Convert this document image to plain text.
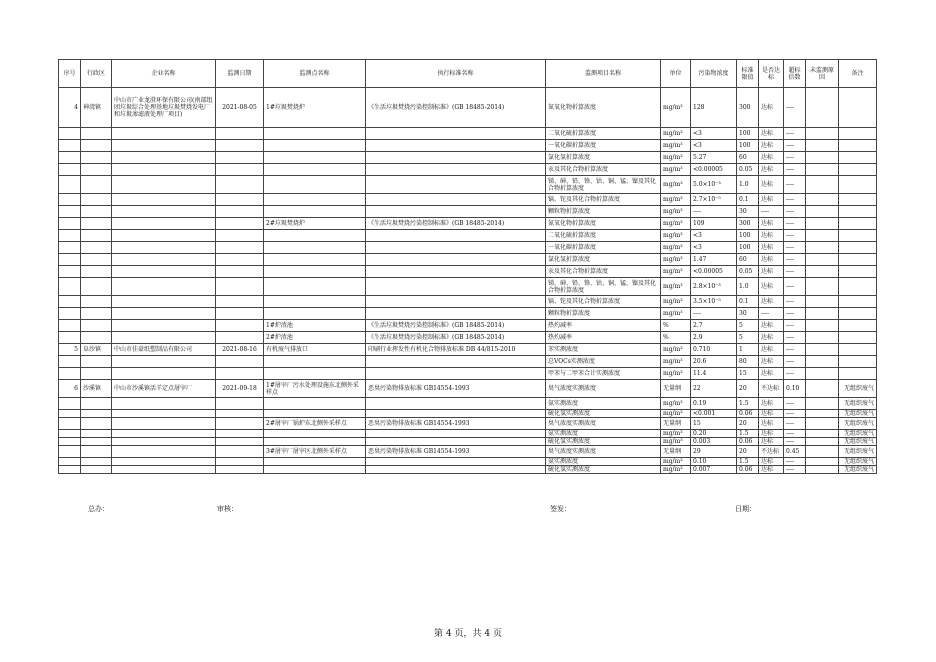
序号	行政区	企业名称	监测日期	监测点名称	执行标准名称	监测项目名称	单位	污染物浓度	标准限值	是否达标	超标倍数	未监测原因	备注
4	神湾镇	中山市广业龙澄环保有限公司(南部组团垃圾综合处理基地垃圾焚烧发电厂和垃圾渗滤液处理厂项目)	2021-08-05	1#垃圾焚烧炉	《生活垃圾焚烧污染控制标准》(GB 18485-2014)	氮氧化物折算浓度	mg/m³	128	300	达标	----		
						二氧化硫折算浓度	mg/m³	<3	100	达标	----		
						一氧化碳折算浓度	mg/m³	<3	100	达标	----		
						氯化氢折算浓度	mg/m³	5.27	60	达标	----		
						汞及其化合物折算浓度	mg/m³	<0.00005	0.05	达标	----		
						锑、砷、铅、铬、钴、铜、锰、镍及其化合物折算浓度	mg/m³	5.0×10⁻³	1.0	达标	----		
						镉、铊及其化合物折算浓度	mg/m³	2.7×10⁻⁵	0.1	达标	----		
						颗粒物折算浓度	mg/m³	----	30	----	----		
				2#垃圾焚烧炉	《生活垃圾焚烧污染控制标准》(GB 18485-2014)	氮氧化物折算浓度	mg/m³	109	300	达标	----		
						二氧化硫折算浓度	mg/m³	<3	100	达标	----		
						一氧化碳折算浓度	mg/m³	<3	100	达标	----		
						氯化氢折算浓度	mg/m³	1.47	60	达标	----		
						汞及其化合物折算浓度	mg/m³	<0.00005	0.05	达标	----		
						锑、砷、铅、铬、钴、铜、锰、镍及其化合物折算浓度	mg/m³	2.8×10⁻³	1.0	达标	----		
						镉、铊及其化合物折算浓度	mg/m³	3.5×10⁻⁵	0.1	达标	----		
						颗粒物折算浓度	mg/m³	----	30	----	----		
				1#炉渣池	《生活垃圾焚烧污染控制标准》(GB 18485-2014)	热灼减率	%	2.7	5	达标	----		
				2#炉渣池	《生活垃圾焚烧污染控制标准》(GB 18485-2014)	热灼减率	%	2.9	5	达标	----		
5	阜沙镇	中山市佳豪纸塑制品有限公司	2021-08-16	有机废气排放口	印刷行业挥发性有机化合物排放标准 DB 44/815-2010	苯实测浓度	mg/m³	0.710	1	达标	----		
						总VOCs实测浓度	mg/m³	20.6	80	达标	----		
						甲苯与二甲苯合计实测浓度	mg/m³	11.4	15	达标	----		
6	沙溪镇	中山市沙溪镇活羊定点屠宰厂	2021-09-18	1#屠宰厂污水处理设施东北侧外采样点	恶臭污染物排放标准 GB14554-1993	臭气浓度实测浓度	无量纲	22	20	不达标	0.10		无组织废气
						氨实测浓度	mg/m³	0.19	1.5	达标	----		无组织废气
						硫化氢实测浓度	mg/m³	<0.001	0.06	达标	----		无组织废气
				2#屠宰厂锅炉东北侧外采样点	恶臭污染物排放标准 GB14554-1993	臭气浓度实测浓度	无量纲	15	20	达标	----		无组织废气
						氨实测浓度	mg/m³	0.20	1.5	达标	----		无组织废气
						硫化氢实测浓度	mg/m³	0.003	0.06	达标	----		无组织废气
				3#屠宰厂屠宰区北侧外采样点	恶臭污染物排放标准 GB14554-1993	臭气浓度实测浓度	无量纲	29	20	不达标	0.45		无组织废气
						氨实测浓度	mg/m³	0.10	1.5	达标	----		无组织废气
						硫化氢实测浓度	mg/m³	0.007	0.06	达标	----		无组织废气
总办：	审核：	签发：	日期：
第 4 页，共 4 页
